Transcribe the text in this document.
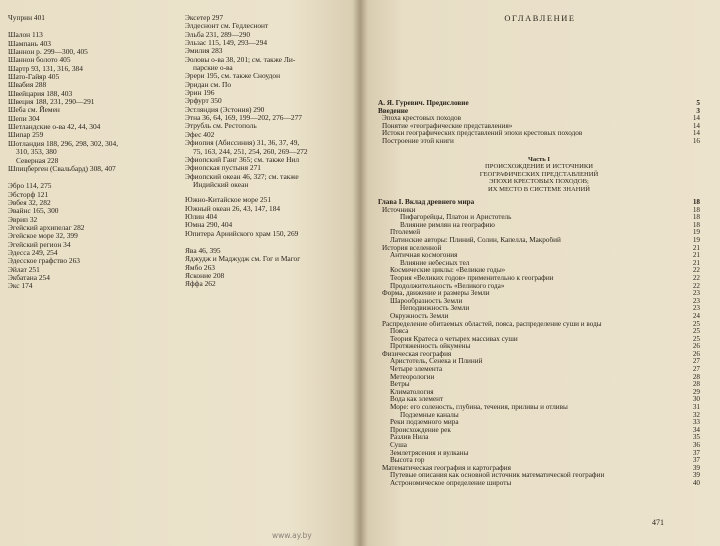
Чуприн 401
Шалон 113
Шампань 403
Шаннон р. 299—300, 405
Шаннон болото 405
Шартр 93, 131, 316, 384
Шато-Гайяр 405
Швабия 288
Швейцария 188, 403
Швеция 188, 231, 290—291
Шеба см. Йемен
Шепи 304
Шетландские о-ва 42, 44, 304
Шипар 259
Шотландия 188, 296, 298, 302, 304,
310, 353, 380
Северная 228
Шпицберген (Свальбард) 308, 407
Эбро 114, 275
Эбсторф 121
Эвбея 32, 282
Эвайнс 165, 300
Эврип 32
Эгейский архипелаг 282
Эгейское море 32, 399
Эгейский регион 34
Эдесса 249, 254
Эдесское графство 263
Эйлат 251
Экбатана 254
Экс 174
Эксетер 297
Элдеснонт см. Гедлеснонт
Эльба 231, 289—290
Эльзас 115, 149, 293—294
Эмилия 283
Эоловы о-ва 38, 201; см. также Ли-
парские о-ва
Эрери 195, см. также Сноудон
Эридан см. По
Эрин 196
Эрфурт 350
Эстляндия (Эстония) 290
Этна 36, 64, 169, 199—202, 276—277
Этрубль см. Рестополь
Эфес 402
Эфиопия (Абиссиния) 31, 36, 37, 49,
75, 163, 244, 251, 254, 260, 269—272
Эфиопский Ганг 365; см. также Нил
Эфиопская пустыня 271
Эфиопский океан 46, 327; см. также
Индийский океан
Южно-Китайское море 251
Южный океан 26, 43, 147, 184
Юлин 404
Юмна 290, 404
Юпитера Арнийского храм 150, 269
Ява 46, 395
Яджудж и Маджудж см. Гог и Магог
Ямбо 263
Ясконие 208
Яффа 262
ОГЛАВЛЕНИЕ
А. Я. Гуревич. Предисловие	5
Введение	3
Эпоха крестовых походов	14
Понятие «географические представления»	14
Истоки географических представлений эпохи крестовых походов	14
Построение этой книги	16
Часть I
ПРОИСХОЖДЕНИЕ И ИСТОЧНИКИ
ГЕОГРАФИЧЕСКИХ ПРЕДСТАВЛЕНИЙ
ЭПОХИ КРЕСТОВЫХ ПОХОДОВ;
ИХ МЕСТО В СИСТЕМЕ ЗНАНИЙ
Глава I. Вклад древнего мира	18
Источники	18
Пифагорейцы, Платон и Аристотель	18
Влияние римлян на географию	18
Птолемей	19
Латинские авторы: Плиний, Солин, Капелла, Макробий	19
История вселенной	21
Античная космогония	21
Влияние небесных тел	21
Космические циклы: «Великие годы»	22
Теория «Великих годов» применительно к географии	22
Продолжительность «Великого года»	22
Форма, движение и размеры Земли	23
Шарообразность Земли	23
Неподвижность Земли	23
Окружность Земли	24
Распределение обитаемых областей, поясa, распределение суши и воды	25
Пояса	25
Теория Кратеса о четырех массивах суши	25
Протяженность ойкумены	26
Физическая география	26
Аристотель, Сенека и Плиний	27
Четыре элемента	27
Метеорологии	28
Ветры	28
Климатология	29
Вода как элемент	30
Море: его соленость, глубина, течения, приливы и отливы	31
Подземные каналы	32
Реки подземного мира	33
Происхождение рек	34
Разлив Нила	35
Суша	36
Землетрясения и вулканы	37
Высота гор	37
Математическая география и картография	39
Путевые описания как основной источник математической географии	39
Астрономическое определение широты	40
471
www.ay.by
